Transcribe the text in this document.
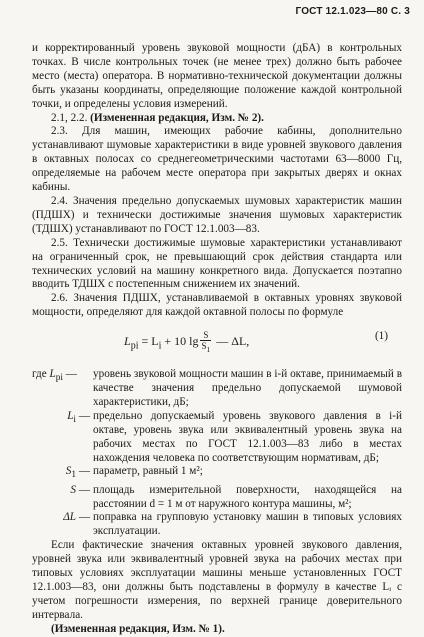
ГОСТ 12.1.023—80 С. 3

и корректированный уровень звуковой мощности (дБА) в контрольных точках. В числе контрольных точек (не менее трех) должно быть рабочее место (места) оператора. В нормативно-технической документации должны быть указаны координаты, определяющие положение каждой контрольной точки, и определены условия измерений.

2.1, 2.2. (Измененная редакция, Изм. № 2).

2.3. Для машин, имеющих рабочие кабины, дополнительно устанавливают шумовые характеристики в виде уровней звукового давления в октавных полосах со среднегеометрическими частотами 63—8000 Гц, определяемые на рабочем месте оператора при закрытых дверях и окнах кабины.

2.4. Значения предельно допускаемых шумовых характеристик машин (ПДШХ) и технически достижимые значения шумовых характеристик (ТДШХ) устанавливают по ГОСТ 12.1.003—83.

2.5. Технически достижимые шумовые характеристики устанавливают на ограниченный срок, не превышающий срок действия стандарта или технических условий на машину конкретного вида. Допускается поэтапно вводить ТДШХ с постепенным снижением их значений.

2.6. Значения ПДШХ, устанавливаемой в октавных уровнях звуковой мощности, определяют для каждой октавной полосы по формуле

$L_{pi} = L_i + 10$ $\lg \frac{S}{S_1}$ — ΔL,	(1)
где $L_{pi}$ —	уровень звуковой мощности машин в i-й октаве, принимаемый в качестве значения предельно допускаемой шумовой характеристики, дБ;
$L_i$ — предельно допускаемый уровень звукового давления в i-й октаве, уровень звука или эквивалентный уровень звука на рабочих местах по ГОСТ 12.1.003—83 либо в местах нахождения человека по соответствующим нормативам, дБ;
$S_1$ — параметр, равный 1 м²;
S — площадь измерительной поверхности, находящейся на расстоянии d = 1 м от наружного контура машины, м²;
ΔL — поправка на групповую установку машин в типовых условиях эксплуатации.

Если фактические значения октавных уровней звукового давления, уровней звука или эквивалентный уровней звука на рабочих местах при типовых условиях эксплуатации машины меньше установленных ГОСТ 12.1.003—83, они должны быть подставлены в формулу в качестве Lᵢ с учетом погрешности измерения, по верхней границе доверительного интервала.

(Измененная редакция, Изм. № 1).
